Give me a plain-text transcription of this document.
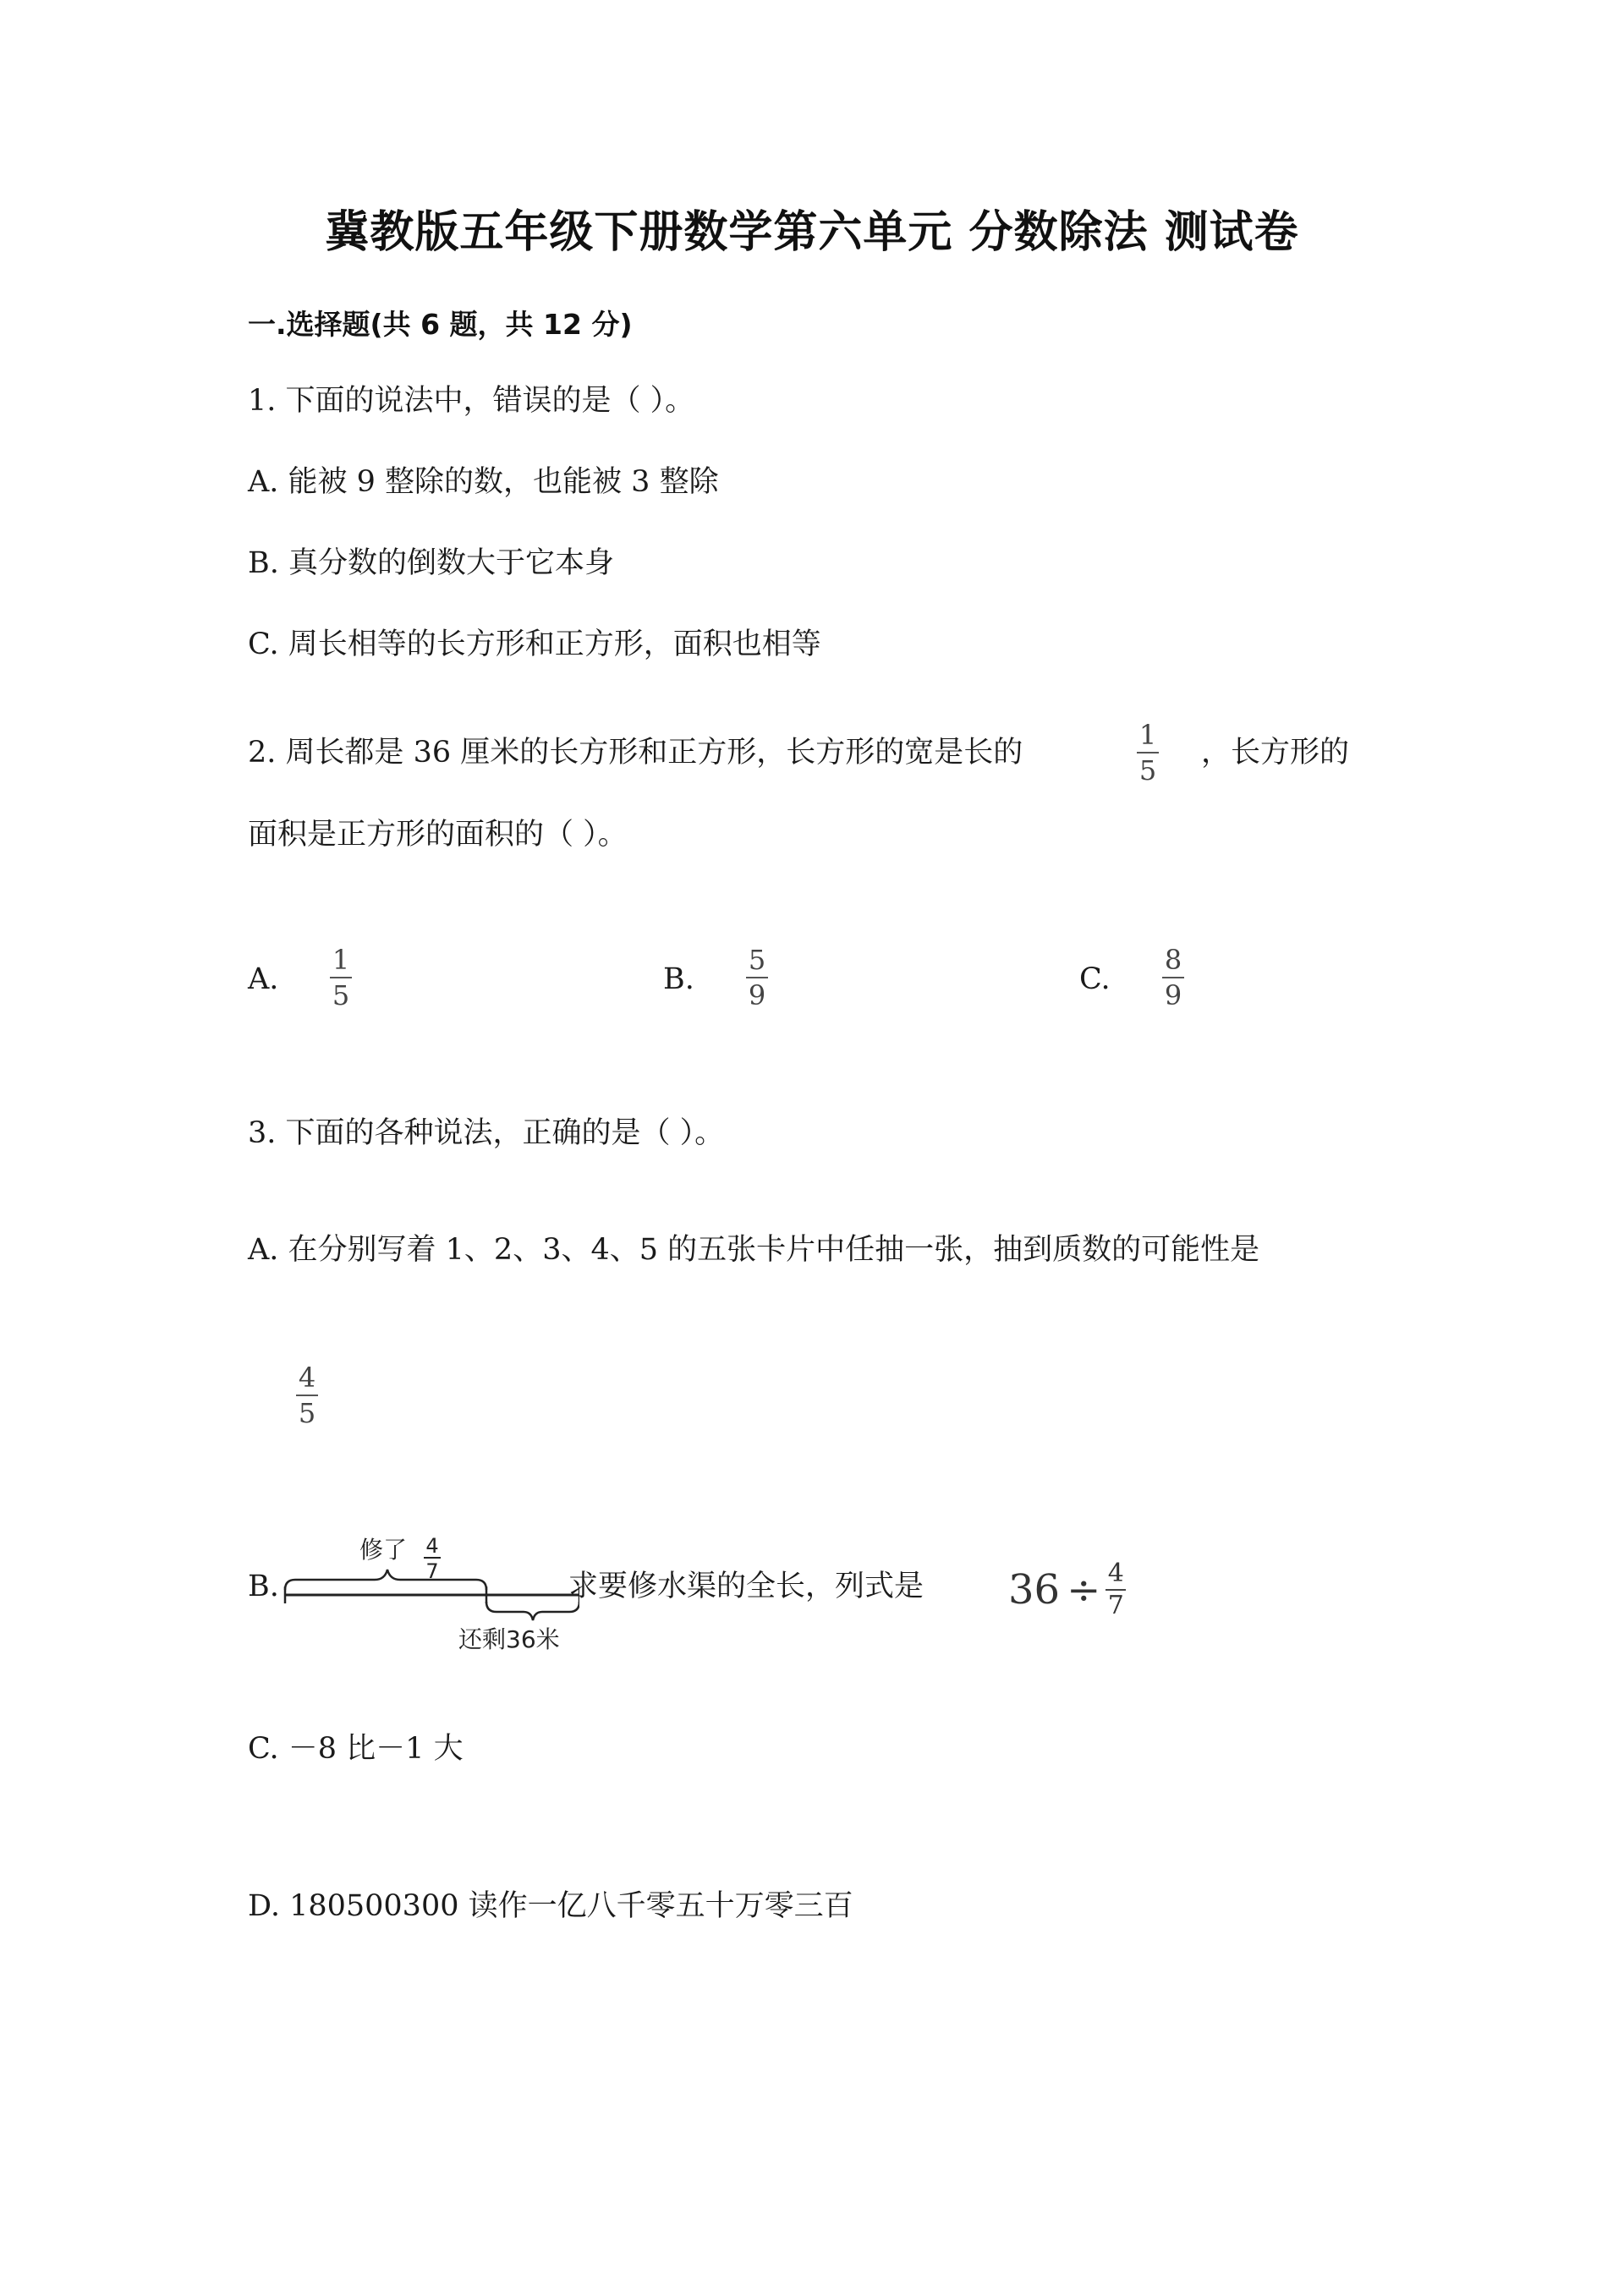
冀教版五年级下册数学第六单元 分数除法 测试卷
一.选择题(共 6 题，共 12 分)
1. 下面的说法中，错误的是（ ）。
A. 能被 9 整除的数，也能被 3 整除
B. 真分数的倒数大于它本身
C. 周长相等的长方形和正方形，面积也相等
2. 周长都是 36 厘米的长方形和正方形，长方形的宽是长的
1
5
，长方形的
面积是正方形的面积的（ ）。
A.
1
5	B.
5
9	C.
8
9
3. 下面的各种说法，正确的是（ ）。
A. 在分别写着 1、2、3、4、5 的五张卡片中任抽一张，抽到质数的可能性是
4
5
B.
修了 4
7
还剩36米
求要修水渠的全长，列式是 $36 \div \frac{4}{7}$
C. －8 比－1 大
D. 180500300 读作一亿八千零五十万零三百
